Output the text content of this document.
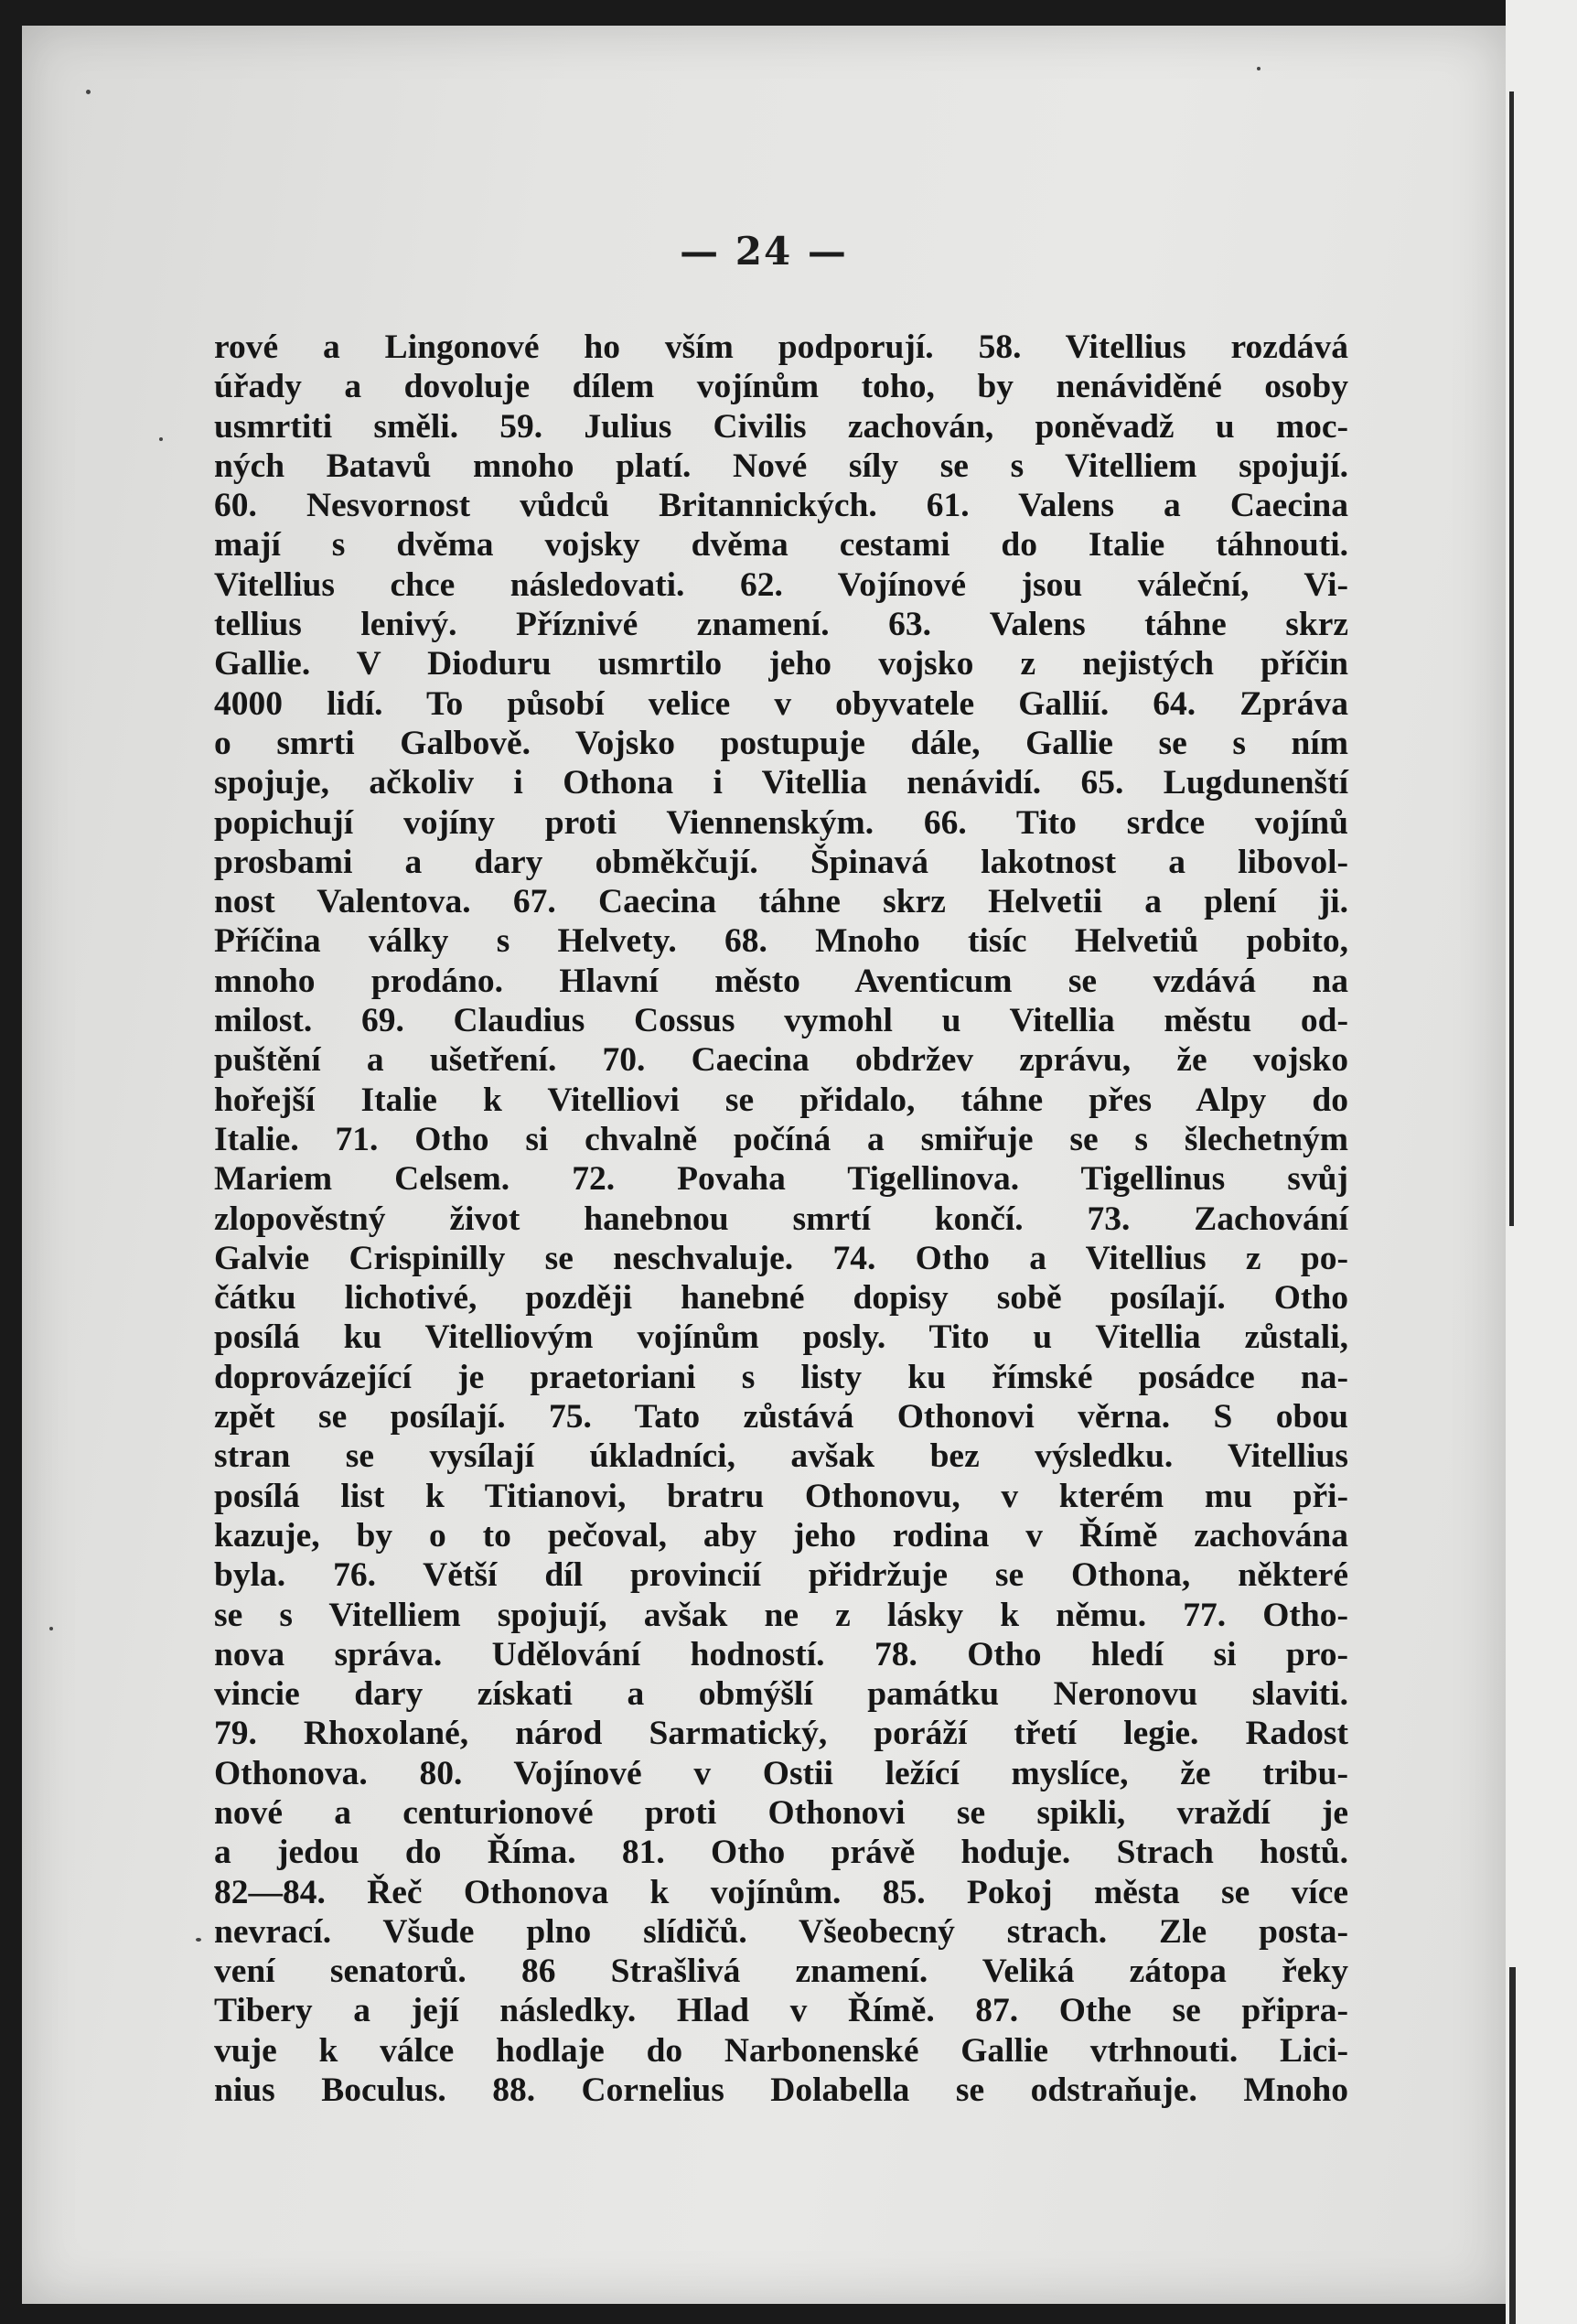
— 24 —
rové a Lingonové ho vším podporují. 58. Vitellius rozdává
úřady a dovoluje dílem vojínům toho, by nenáviděné osoby
usmrtiti směli. 59. Julius Civilis zachován, poněvadž u moc-
ných Batavů mnoho platí. Nové síly se s Vitelliem spojují.
60. Nesvornost vůdců Britannických. 61. Valens a Caecina
mají s dvěma vojsky dvěma cestami do Italie táhnouti.
Vitellius chce následovati. 62. Vojínové jsou váleční, Vi-
tellius lenivý. Příznivé znamení. 63. Valens táhne skrz
Gallie. V Dioduru usmrtilo jeho vojsko z nejistých příčin
4000 lidí. To působí velice v obyvatele Gallií. 64. Zpráva
o smrti Galbově. Vojsko postupuje dále, Gallie se s ním
spojuje, ačkoliv i Othona i Vitellia nenávidí. 65. Lugdunenští
popichují vojíny proti Viennenským. 66. Tito srdce vojínů
prosbami a dary obměkčují. Špinavá lakotnost a libovol-
nost Valentova. 67. Caecina táhne skrz Helvetii a plení ji.
Příčina války s Helvety. 68. Mnoho tisíc Helvetiů pobito,
mnoho prodáno. Hlavní město Aventicum se vzdává na
milost. 69. Claudius Cossus vymohl u Vitellia městu od-
puštění a ušetření. 70. Caecina obdržev zprávu, že vojsko
hořejší Italie k Vitelliovi se přidalo, táhne přes Alpy do
Italie. 71. Otho si chvalně počíná a smiřuje se s šlechetným
Mariem Celsem. 72. Povaha Tigellinova. Tigellinus svůj
zlopověstný život hanebnou smrtí končí. 73. Zachování
Galvie Crispinilly se neschvaluje. 74. Otho a Vitellius z po-
čátku lichotivé, později hanebné dopisy sobě posílají. Otho
posílá ku Vitelliovým vojínům posly. Tito u Vitellia zůstali,
doprovázející je praetoriani s listy ku římské posádce na-
zpět se posílají. 75. Tato zůstává Othonovi věrna. S obou
stran se vysílají úkladníci, avšak bez výsledku. Vitellius
posílá list k Titianovi, bratru Othonovu, v kterém mu při-
kazuje, by o to pečoval, aby jeho rodina v Římě zachována
byla. 76. Větší díl provincií přidržuje se Othona, některé
se s Vitelliem spojují, avšak ne z lásky k němu. 77. Otho-
nova správa. Udělování hodností. 78. Otho hledí si pro-
vincie dary získati a obmýšlí památku Neronovu slaviti.
79. Rhoxolané, národ Sarmatický, poráží třetí legie. Radost
Othonova. 80. Vojínové v Ostii ležící myslíce, že tribu-
nové a centurionové proti Othonovi se spikli, vraždí je
a jedou do Říma. 81. Otho právě hoduje. Strach hostů.
82—84. Řeč Othonova k vojínům. 85. Pokoj města se více
nevrací. Všude plno slídičů. Všeobecný strach. Zle posta-
vení senatorů. 86 Strašlivá znamení. Veliká zátopa řeky
Tibery a její následky. Hlad v Římě. 87. Othe se připra-
vuje k válce hodlaje do Narbonenské Gallie vtrhnouti. Lici-
nius Boculus. 88. Cornelius Dolabella se odstraňuje. Mnoho
